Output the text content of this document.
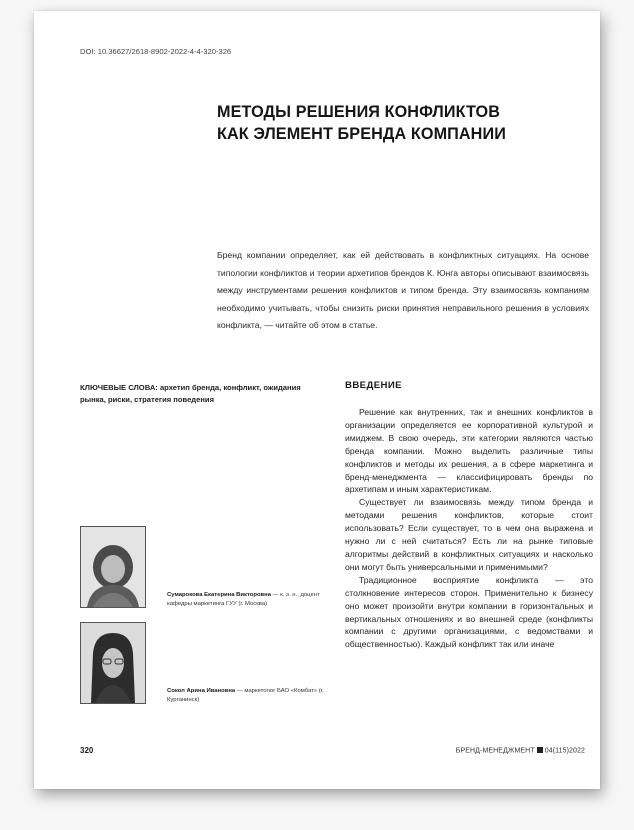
DOI: 10.36627/2618-8902-2022-4-4-320-326
МЕТОДЫ РЕШЕНИЯ КОНФЛИКТОВ
КАК ЭЛЕМЕНТ БРЕНДА КОМПАНИИ
Бренд компании определяет, как ей действовать в конфликтных ситуациях. На основе типологии конфликтов и теории архетипов брендов К. Юнга авторы описывают взаимосвязь между инструментами решения конфликтов и типом бренда. Эту взаимосвязь компаниям необходимо учитывать, чтобы снизить риски принятия неправильного решения в условиях конфликта, — читайте об этом в статье.
КЛЮЧЕВЫЕ СЛОВА: архетип бренда, конфликт, ожидания рынка, риски, стратегия поведения
ВВЕДЕНИЕ

Решение как внутренних, так и внешних конфликтов в организации определяется ее корпоративной культурой и имиджем. В свою очередь, эти категории являются частью бренда компании. Можно выделить различные типы конфликтов и методы их решения, а в сфере маркетинга и бренд-менеджмента — классифицировать бренды по архетипам и иным характеристикам.

Существует ли взаимосвязь между типом бренда и методами решения конфликтов, которые стоит использовать? Если существует, то в чем она выражена и нужно ли с ней считаться? Есть ли на рынке типовые алгоритмы действий в конфликтных ситуациях и насколько они могут быть универсальными и применимыми?

Традиционное восприятие конфликта — это столкновение интересов сторон. Применительно к бизнесу оно может произойти внутри компании в горизонтальных и вертикальных отношениях и во внешней среде (конфликты компании с другими организациями, с ведомствами и общественностью). Каждый конфликт так или иначе

Сумарокова Екатерина Викторовна — к. э. н., доцент кафедры маркетинга ГУУ (г. Москва)
Сокол Арина Ивановна — маркетолог БАО «Комбат» (г. Курганинск)
320	БРЕНД-МЕНЕДЖМЕНТ 04(115)2022
